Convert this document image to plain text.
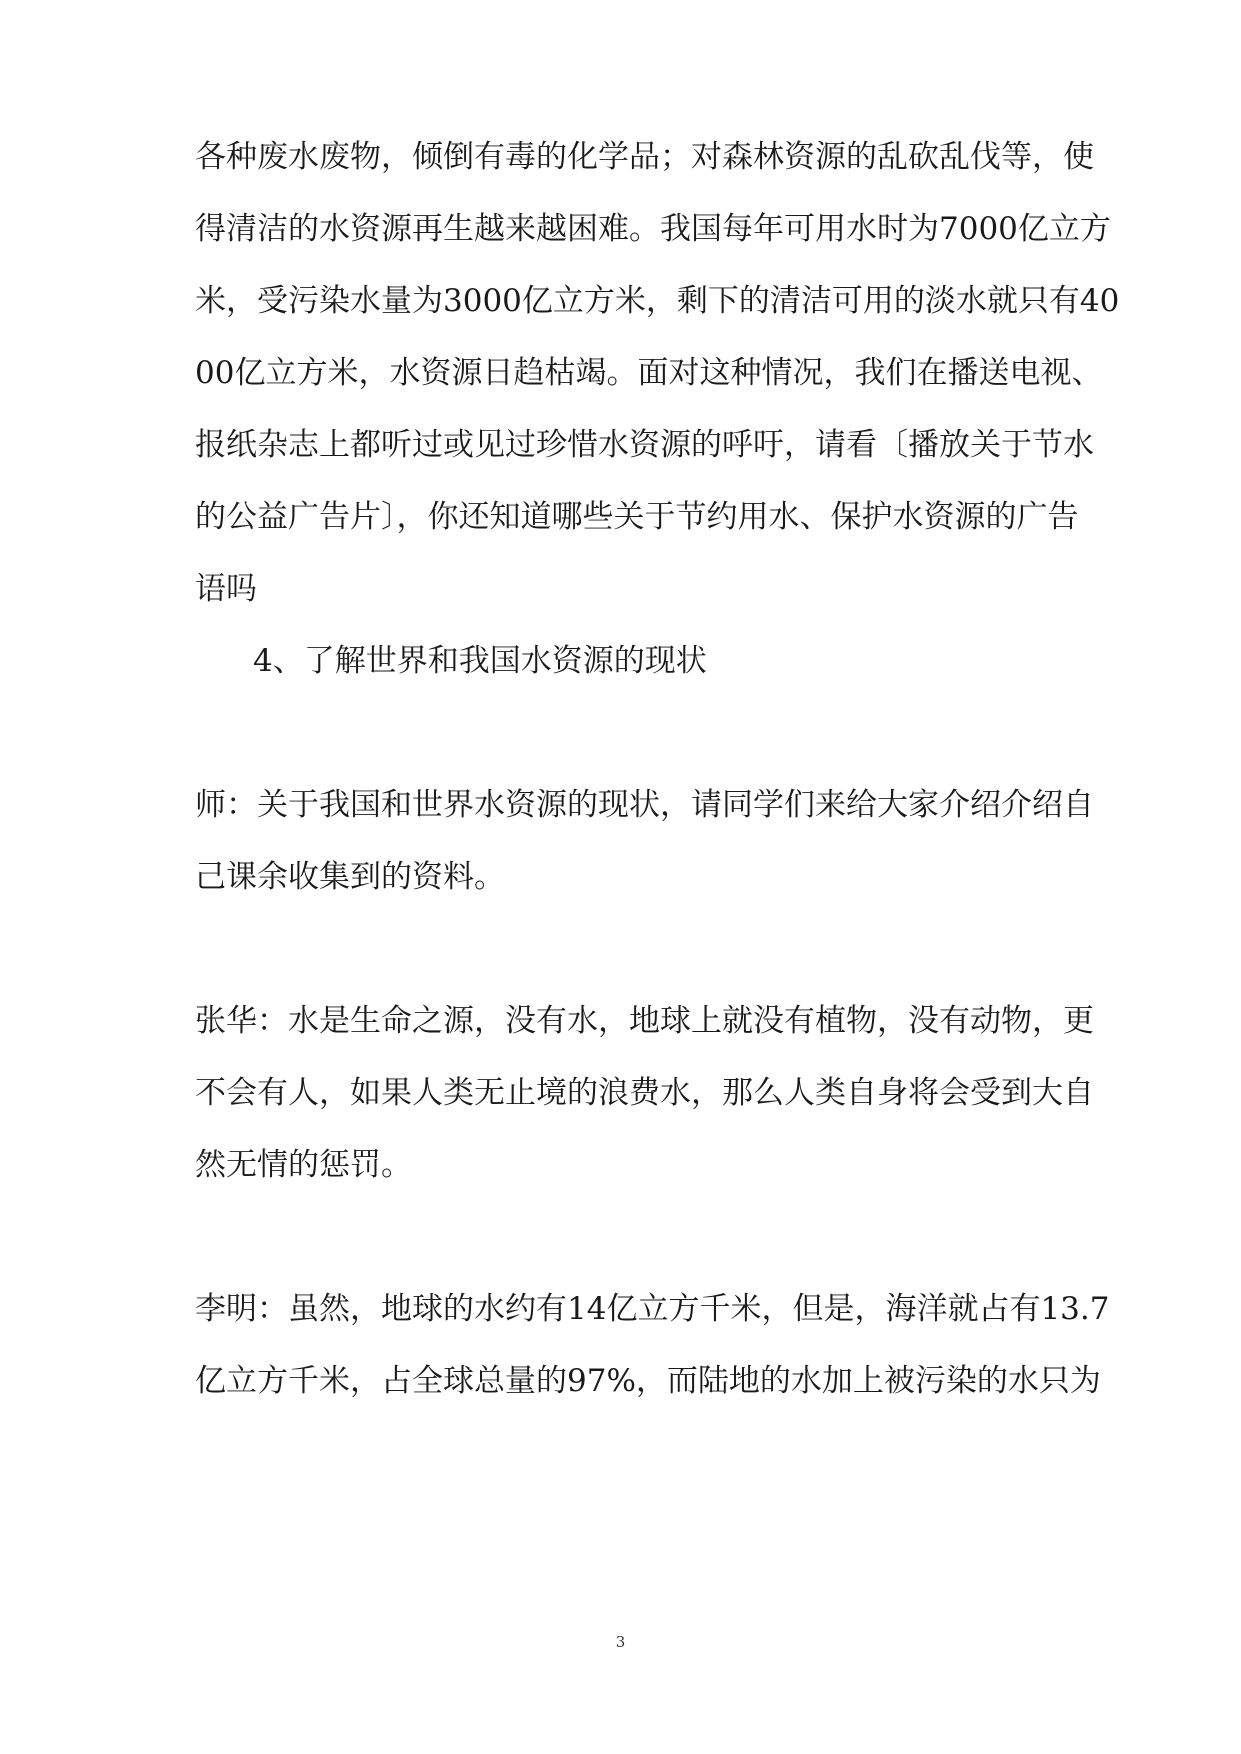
各种废水废物，倾倒有毒的化学品；对森林资源的乱砍乱伐等，使
得清洁的水资源再生越来越困难。我国每年可用水时为7000亿立方
米，受污染水量为3000亿立方米，剩下的清洁可用的淡水就只有40
00亿立方米，水资源日趋枯竭。面对这种情况，我们在播送电视、
报纸杂志上都听过或见过珍惜水资源的呼吁，请看〔播放关于节水
的公益广告片〕，你还知道哪些关于节约用水、保护水资源的广告
语吗
4、了解世界和我国水资源的现状
师：关于我国和世界水资源的现状，请同学们来给大家介绍介绍自
己课余收集到的资料。
张华：水是生命之源，没有水，地球上就没有植物，没有动物，更
不会有人，如果人类无止境的浪费水，那么人类自身将会受到大自
然无情的惩罚。
李明：虽然，地球的水约有14亿立方千米，但是，海洋就占有13.7
亿立方千米，占全球总量的97%，而陆地的水加上被污染的水只为
3
